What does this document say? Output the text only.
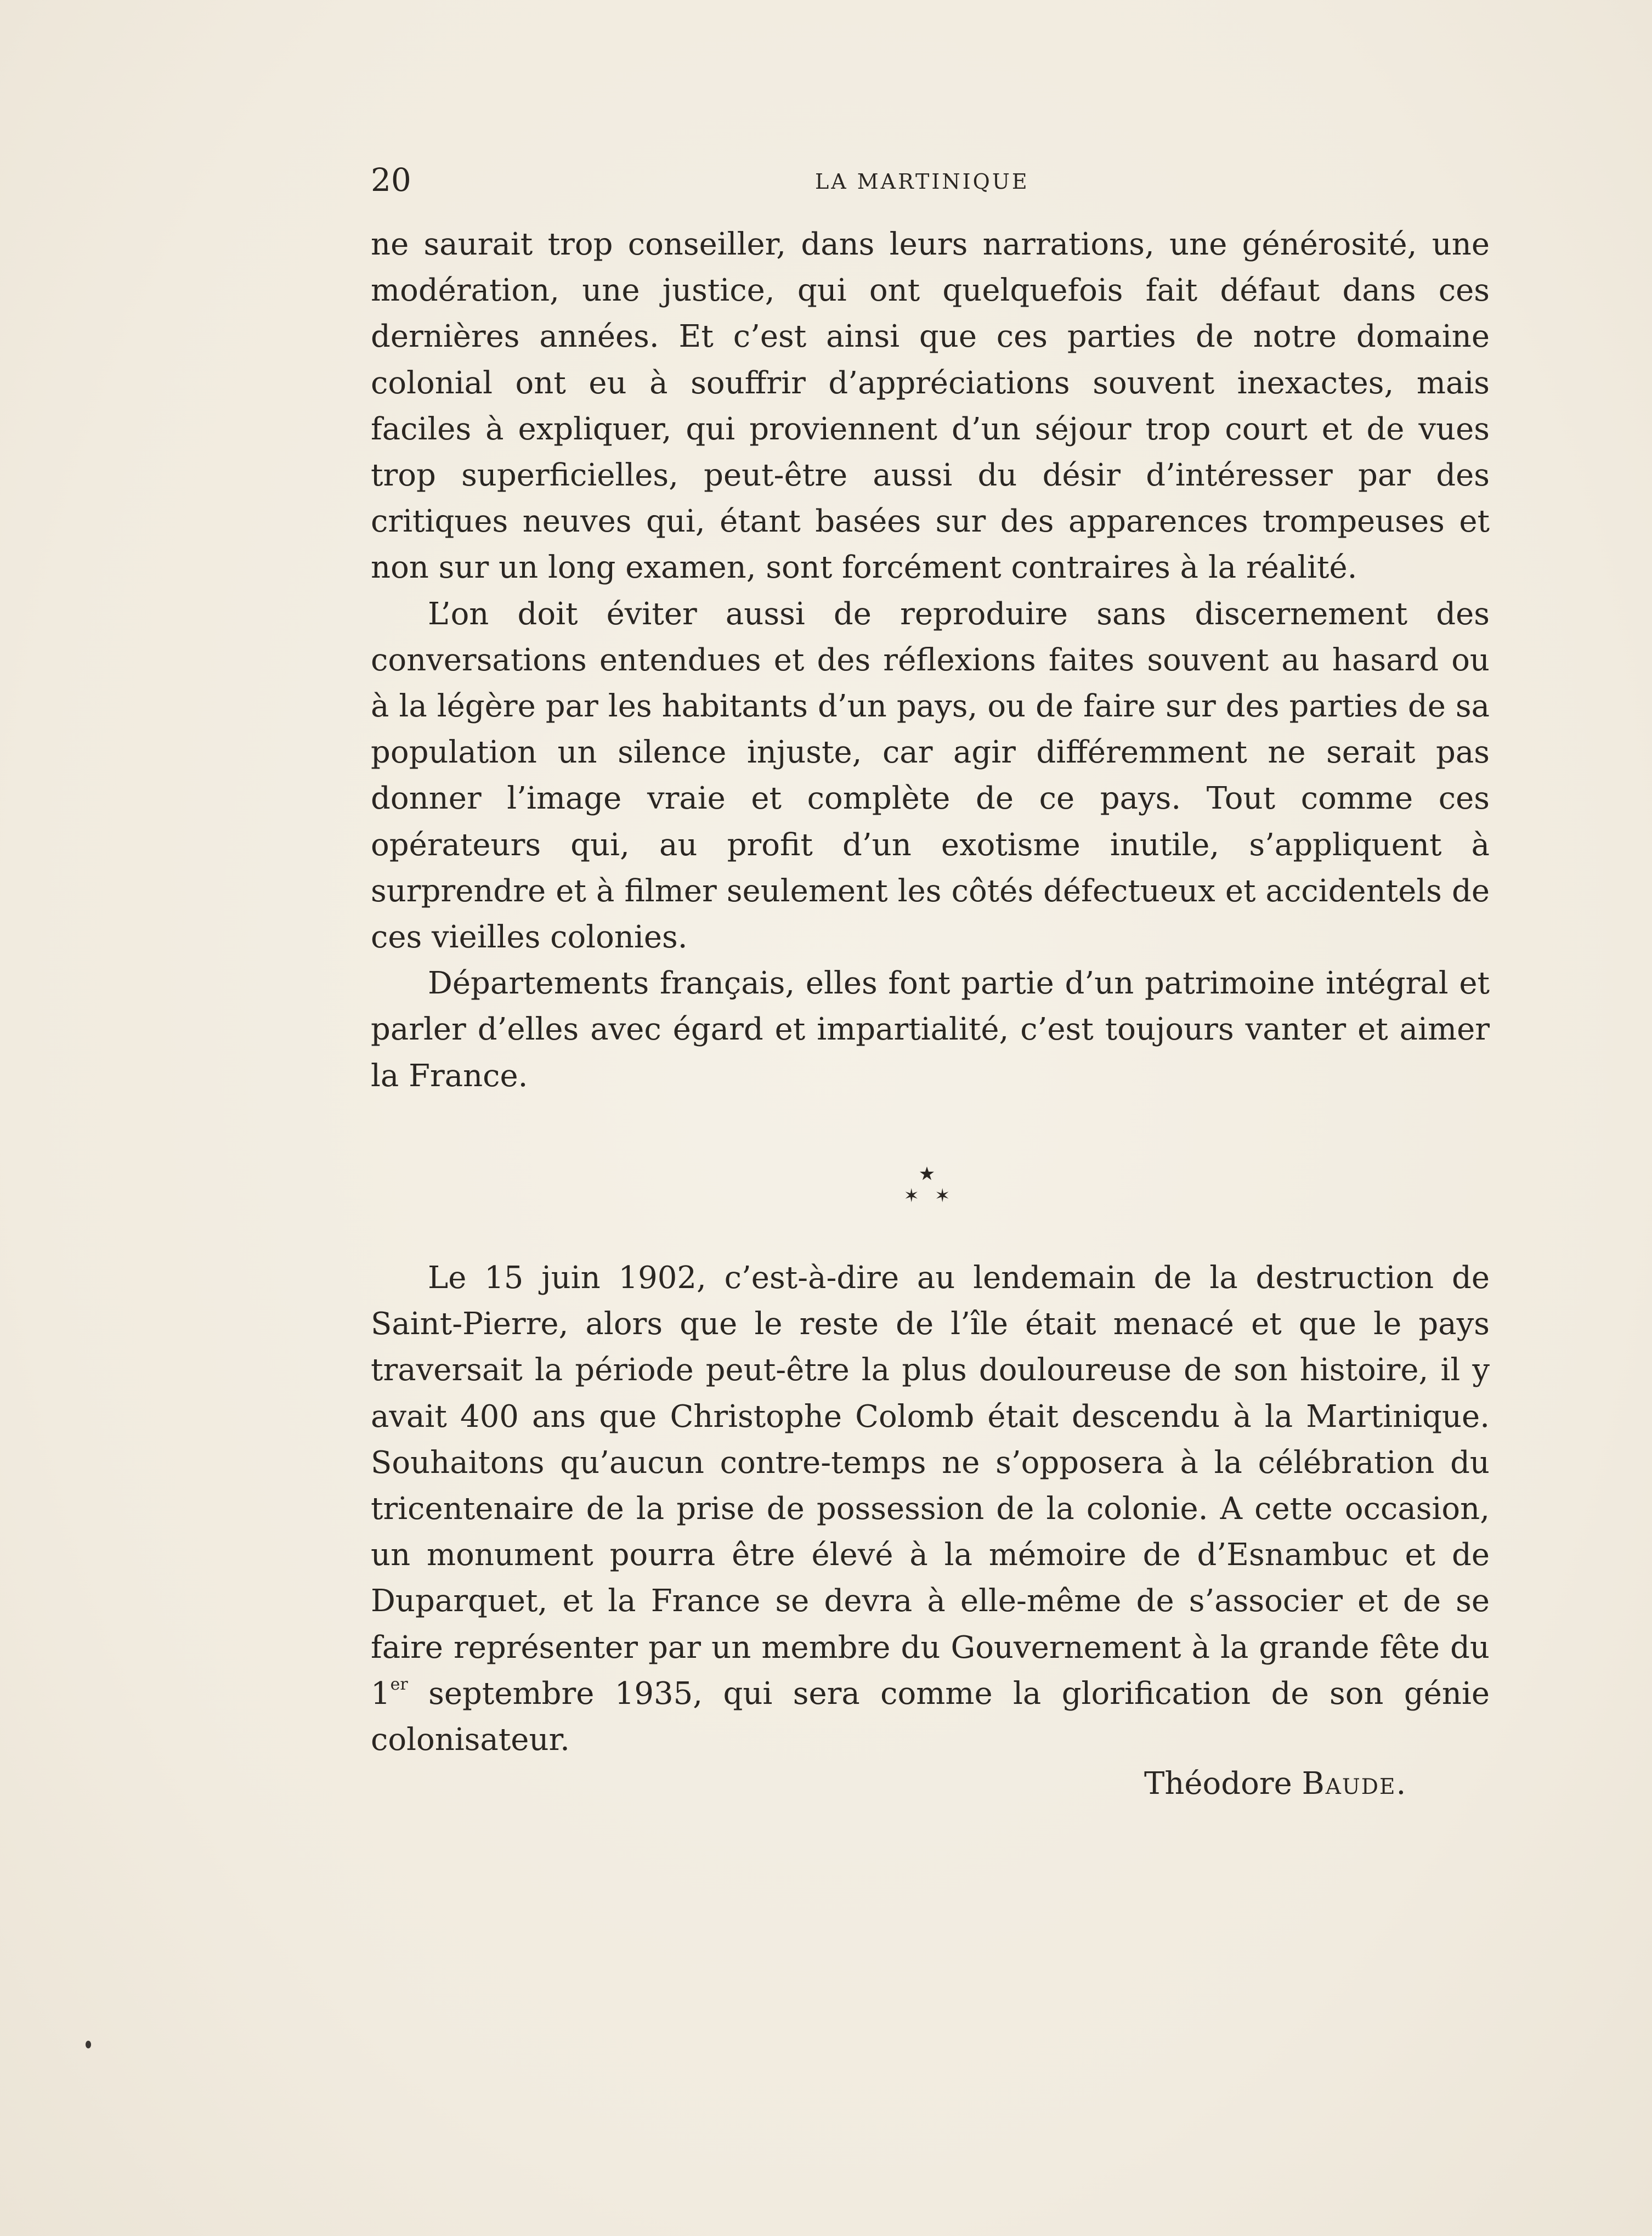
20	LA MARTINIQUE

ne saurait trop conseiller, dans leurs narrations, une générosité, une modération, une justice, qui ont quelquefois fait défaut dans ces dernières années. Et c’est ainsi que ces parties de notre domaine colonial ont eu à souffrir d’appréciations souvent inexactes, mais faciles à expliquer, qui proviennent d’un séjour trop court et de vues trop superficielles, peut-être aussi du désir d’intéresser par des critiques neuves qui, étant basées sur des apparences trompeuses et non sur un long examen, sont forcément contraires à la réalité.

L’on doit éviter aussi de reproduire sans discernement des conversations entendues et des réflexions faites souvent au hasard ou à la légère par les habitants d’un pays, ou de faire sur des parties de sa population un silence injuste, car agir différemment ne serait pas donner l’image vraie et complète de ce pays. Tout comme ces opérateurs qui, au profit d’un exotisme inutile, s’appliquent à surprendre et à filmer seulement les côtés défectueux et accidentels de ces vieilles colonies.

Départements français, elles font partie d’un patrimoine intégral et parler d’elles avec égard et impartialité, c’est toujours vanter et aimer la France.

★
✶✶

Le 15 juin 1902, c’est-à-dire au lendemain de la destruction de Saint-Pierre, alors que le reste de l’île était menacé et que le pays traversait la période peut-être la plus douloureuse de son histoire, il y avait 400 ans que Christophe Colomb était descendu à la Martinique. Souhaitons qu’aucun contre-temps ne s’opposera à la célébration du tricentenaire de la prise de possession de la colonie. A cette occasion, un monument pourra être élevé à la mémoire de d’Esnambuc et de Duparquet, et la France se devra à elle-même de s’associer et de se faire représenter par un membre du Gouvernement à la grande fête du 1er septembre 1935, qui sera comme la glorification de son génie colonisateur.

Théodore Baude.
